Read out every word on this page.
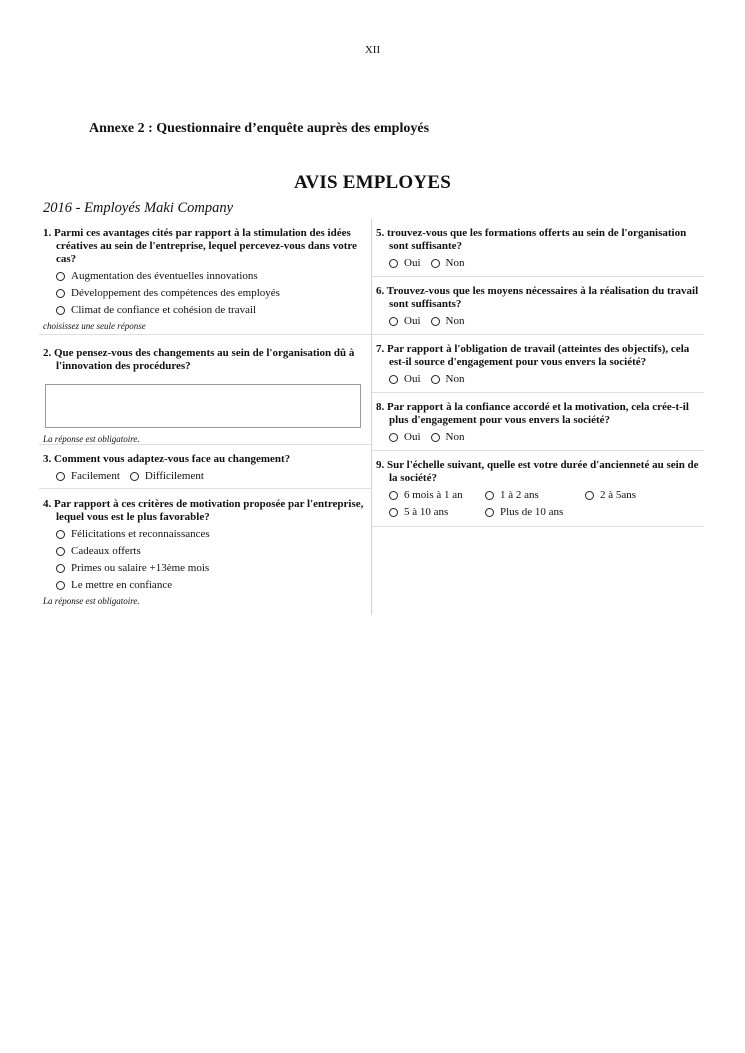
XII
Annexe 2 : Questionnaire d’enquête auprès des employés
AVIS EMPLOYES
2016 - Employés Maki Company
1. Parmi ces avantages cités par rapport à la stimulation des idées créatives au sein de l'entreprise, lequel percevez-vous dans votre cas?
Augmentation des éventuelles innovations
Développement des compétences des employés
Climat de confiance et cohésion de travail
choisissez une seule réponse
2. Que pensez-vous des changements au sein de l'organisation dû à l'innovation des procédures?
La réponse est obligatoire.
3. Comment vous adaptez-vous face au changement?
Facilement Difficilement
4. Par rapport à ces critères de motivation proposée par l'entreprise, lequel vous est le plus favorable?
Félicitations et reconnaissances
Cadeaux offerts
Primes ou salaire +13ème mois
Le mettre en confiance
La réponse est obligatoire.
5. trouvez-vous que les formations offerts au sein de l'organisation sont suffisante?
Oui Non
6. Trouvez-vous que les moyens nécessaires à la réalisation du travail sont suffisants?
Oui Non
7. Par rapport à l'obligation de travail (atteintes des objectifs), cela est-il source d'engagement pour vous envers la société?
Oui Non
8. Par rapport à la confiance accordé et la motivation, cela crée-t-il plus d'engagement pour vous envers la société?
Oui Non
9. Sur l'échelle suivant, quelle est votre durée d'ancienneté au sein de la société?
6 mois à 1 an	1 à 2 ans	2 à 5ans
5 à 10 ans	Plus de 10 ans
